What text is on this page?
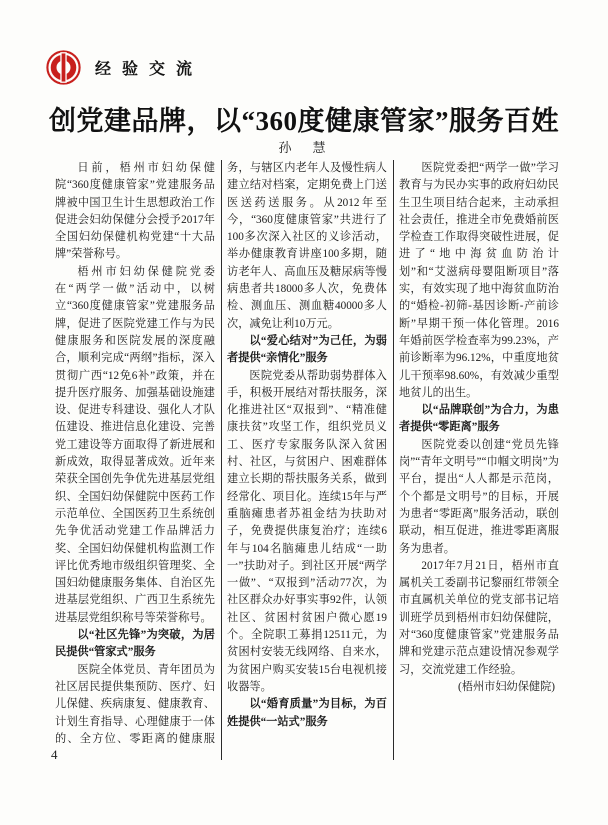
经验交流
创党建品牌，以“360度健康管家”服务百姓
孙　慧

日前，梧州市妇幼保健院“360度健康管家”党建服务品牌被中国卫生计生思想政治工作促进会妇幼保健分会授予2017年全国妇幼保健机构党建“十大品牌”荣誉称号。

梧州市妇幼保健院党委在“两学一做”活动中，以树立“360度健康管家”党建服务品牌，促进了医院党建工作与为民健康服务和医院发展的深度融合，顺利完成“两纲”指标，深入贯彻广西“12免6补”政策，并在提升医疗服务、加强基础设施建设、促进专科建设、强化人才队伍建设、推进信息化建设、完善党工建设等方面取得了新进展和新成效，取得显著成效。近年来荣获全国创先争优先进基层党组织、全国妇幼保健院中医药工作示范单位、全国医药卫生系统创先争优活动党建工作品牌活力奖、全国妇幼保健机构监测工作评比优秀地市级组织管理奖、全国妇幼健康服务集体、自治区先进基层党组织、广西卫生系统先进基层党组织称号等荣誉称号。

以“社区先锋”为突破，为居民提供“管家式”服务

医院全体党员、青年团员为社区居民提供集预防、医疗、妇儿保健、疾病康复、健康教育、计划生育指导、心理健康于一体的、全方位、零距离的健康服务，与辖区内老年人及慢性病人建立结对档案，定期免费上门送医送药送服务。从2012年至今，“360度健康管家”共进行了100多次深入社区的义诊活动，举办健康教育讲座100多期，随访老年人、高血压及糖尿病等慢病患者共18000多人次，免费体检、测血压、测血糖40000多人次，减免让利10万元。

以“爱心结对”为己任，为弱者提供“亲情化”服务

医院党委从帮助弱势群体入手，积极开展结对帮扶服务，深化推进社区“双报到”、“精准健康扶贫”攻坚工作，组织党员义工、医疗专家服务队深入贫困村、社区，与贫困户、困难群体建立长期的帮扶服务关系，做到经常化、项目化。连续15年与严重脑瘫患者苏祖金结为扶助对子，免费提供康复治疗；连续6年与104名脑瘫患儿结成“一助一”扶助对子。到社区开展“两学一做”、“双报到”活动77次，为社区群众办好事实事92件，认领社区、贫困村贫困户微心愿19个。全院职工募捐12511元，为贫困村安装无线网络、自来水，为贫困户购买安装15台电视机接收器等。

以“婚育质量”为目标，为百姓提供“一站式”服务

医院党委把“两学一做”学习教育与为民办实事的政府妇幼民生卫生项目结合起来，主动承担社会责任，推进全市免费婚前医学检查工作取得突破性进展，促进了“地中海贫血防治计划”和“艾滋病母婴阻断项目”落实，有效实现了地中海贫血防治的“婚检-初筛-基因诊断-产前诊断”早期干预一体化管理。2016年婚前医学检查率为99.23%，产前诊断率为96.12%，中重度地贫儿干预率98.60%，有效减少重型地贫儿的出生。

以“品牌联创”为合力，为患者提供“零距离”服务

医院党委以创建“党员先锋岗”“青年文明号”“巾帼文明岗”为平台，提出“人人都是示范岗，个个都是文明号”的目标，开展为患者“零距离”服务活动，联创联动，相互促进，推进零距离服务为患者。

2017年7月21日，梧州市直属机关工委副书记黎丽红带领全市直属机关单位的党支部书记培训班学员到梧州市妇幼保健院，对“360度健康管家”党建服务品牌和党建示范点建设情况参观学习，交流党建工作经验。

(梧州市妇幼保健院)

4
